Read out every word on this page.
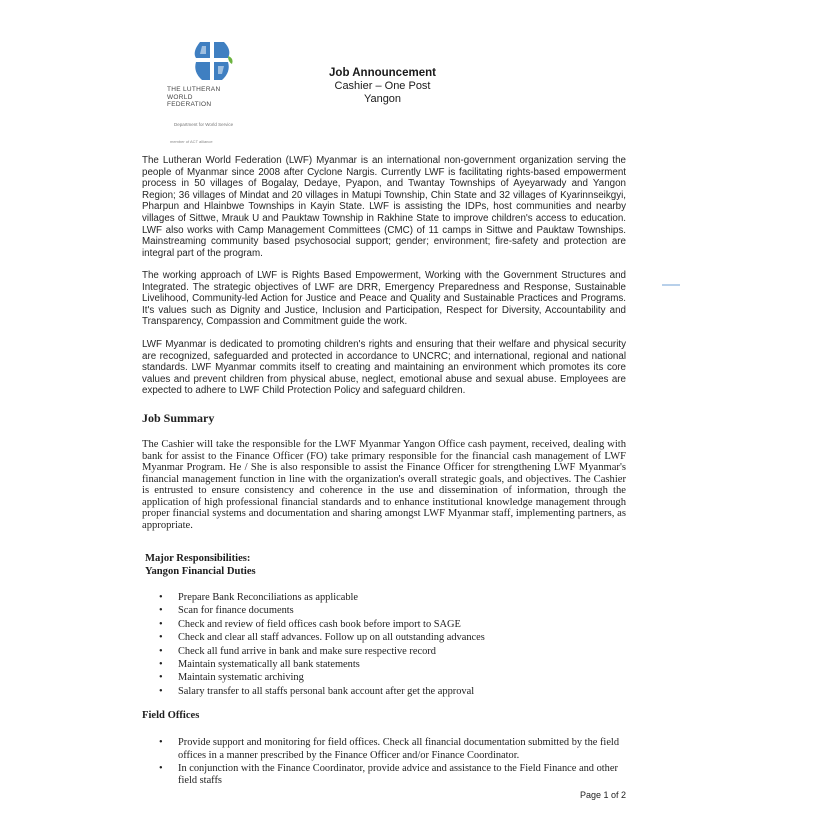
THE LUTHERAN WORLD FEDERATION
Department for World Service
member of ACT alliance
Job Announcement
Cashier – One Post
Yangon
The Lutheran World Federation (LWF) Myanmar is an international non-government organization serving the people of Myanmar since 2008 after Cyclone Nargis. Currently LWF is facilitating rights-based empowerment process in 50 villages of Bogalay, Dedaye, Pyapon, and Twantay Townships of Ayeyarwady and Yangon Region; 36 villages of Mindat and 20 villages in Matupi Township, Chin State and 32 villages of Kyarinnseikgyi, Pharpun and Hlainbwe Townships in Kayin State. LWF is assisting the IDPs, host communities and nearby villages of Sittwe, Mrauk U and Pauktaw Township in Rakhine State to improve children's access to education. LWF also works with Camp Management Committees (CMC) of 11 camps in Sittwe and Pauktaw Townships. Mainstreaming community based psychosocial support; gender; environment; fire-safety and protection are integral part of the program.
The working approach of LWF is Rights Based Empowerment, Working with the Government Structures and Integrated. The strategic objectives of LWF are DRR, Emergency Preparedness and Response, Sustainable Livelihood, Community-led Action for Justice and Peace and Quality and Sustainable Practices and Programs. It's values such as Dignity and Justice, Inclusion and Participation, Respect for Diversity, Accountability and Transparency, Compassion and Commitment guide the work.
LWF Myanmar is dedicated to promoting children's rights and ensuring that their welfare and physical security are recognized, safeguarded and protected in accordance to UNCRC; and international, regional and national standards. LWF Myanmar commits itself to creating and maintaining an environment which promotes its core values and prevent children from physical abuse, neglect, emotional abuse and sexual abuse. Employees are expected to adhere to LWF Child Protection Policy and safeguard children.
Job Summary
The Cashier will take the responsible for the LWF Myanmar Yangon Office cash payment, received, dealing with bank for assist to the Finance Officer (FO) take primary responsible for the financial cash management of LWF Myanmar Program. He / She is also responsible to assist the Finance Officer for strengthening LWF Myanmar's financial management function in line with the organization's overall strategic goals, and objectives. The Cashier is entrusted to ensure consistency and coherence in the use and dissemination of information, through the application of high professional financial standards and to enhance institutional knowledge management through proper financial systems and documentation and sharing amongst LWF Myanmar staff, implementing partners, as appropriate.
Major Responsibilities:
Yangon Financial Duties
• Prepare Bank Reconciliations as applicable
• Scan for finance documents
• Check and review of field offices cash book before import to SAGE
• Check and clear all staff advances. Follow up on all outstanding advances
• Check all fund arrive in bank and make sure respective record
• Maintain systematically all bank statements
• Maintain systematic archiving
• Salary transfer to all staffs personal bank account after get the approval
Field Offices
• Provide support and monitoring for field offices. Check all financial documentation submitted by the field offices in a manner prescribed by the Finance Officer and/or Finance Coordinator.
• In conjunction with the Finance Coordinator, provide advice and assistance to the Field Finance and other field staffs
Page 1 of 2
